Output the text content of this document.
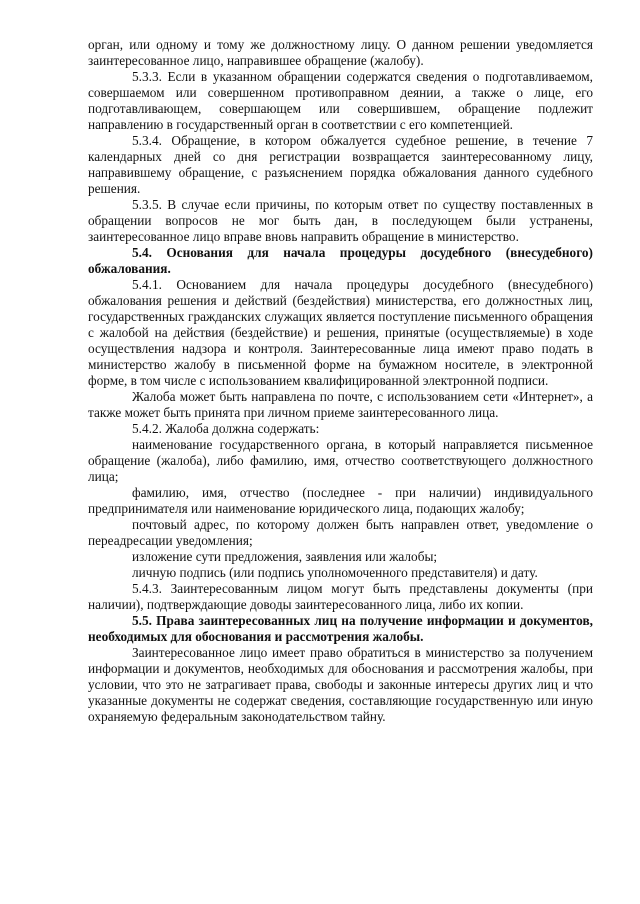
орган, или одному и тому же должностному лицу. О данном решении уведомляется заинтересованное лицо, направившее обращение (жалобу).

5.3.3. Если в указанном обращении содержатся сведения о подготавливаемом, совершаемом или совершенном противоправном деянии, а также о лице, его подготавливающем, совершающем или совершившем, обращение подлежит направлению в государственный орган в соответствии с его компетенцией.

5.3.4. Обращение, в котором обжалуется судебное решение, в течение 7 календарных дней со дня регистрации возвращается заинтересованному лицу, направившему обращение, с разъяснением порядка обжалования данного судебного решения.

5.3.5. В случае если причины, по которым ответ по существу поставленных в обращении вопросов не мог быть дан, в последующем были устранены, заинтересованное лицо вправе вновь направить обращение в министерство.

5.4. Основания для начала процедуры досудебного (внесудебного) обжалования.

5.4.1. Основанием для начала процедуры досудебного (внесудебного) обжалования решения и действий (бездействия) министерства, его должностных лиц, государственных гражданских служащих является поступление письменного обращения с жалобой на действия (бездействие) и решения, принятые (осуществляемые) в ходе осуществления надзора и контроля. Заинтересованные лица имеют право подать в министерство жалобу в письменной форме на бумажном носителе, в электронной форме, в том числе с использованием квалифицированной электронной подписи.

Жалоба может быть направлена по почте, с использованием сети «Интернет», а также может быть принята при личном приеме заинтересованного лица.

5.4.2. Жалоба должна содержать:

наименование государственного органа, в который направляется письменное обращение (жалоба), либо фамилию, имя, отчество соответствующего должностного лица;

фамилию, имя, отчество (последнее - при наличии) индивидуального предпринимателя или наименование юридического лица, подающих жалобу;

почтовый адрес, по которому должен быть направлен ответ, уведомление о переадресации уведомления;

изложение сути предложения, заявления или жалобы;

личную подпись (или подпись уполномоченного представителя) и дату.

5.4.3. Заинтересованным лицом могут быть представлены документы (при наличии), подтверждающие доводы заинтересованного лица, либо их копии.

5.5. Права заинтересованных лиц на получение информации и документов, необходимых для обоснования и рассмотрения жалобы.

Заинтересованное лицо имеет право обратиться в министерство за получением информации и документов, необходимых для обоснования и рассмотрения жалобы, при условии, что это не затрагивает права, свободы и законные интересы других лиц и что указанные документы не содержат сведения, составляющие государственную или иную охраняемую федеральным законодательством тайну.
